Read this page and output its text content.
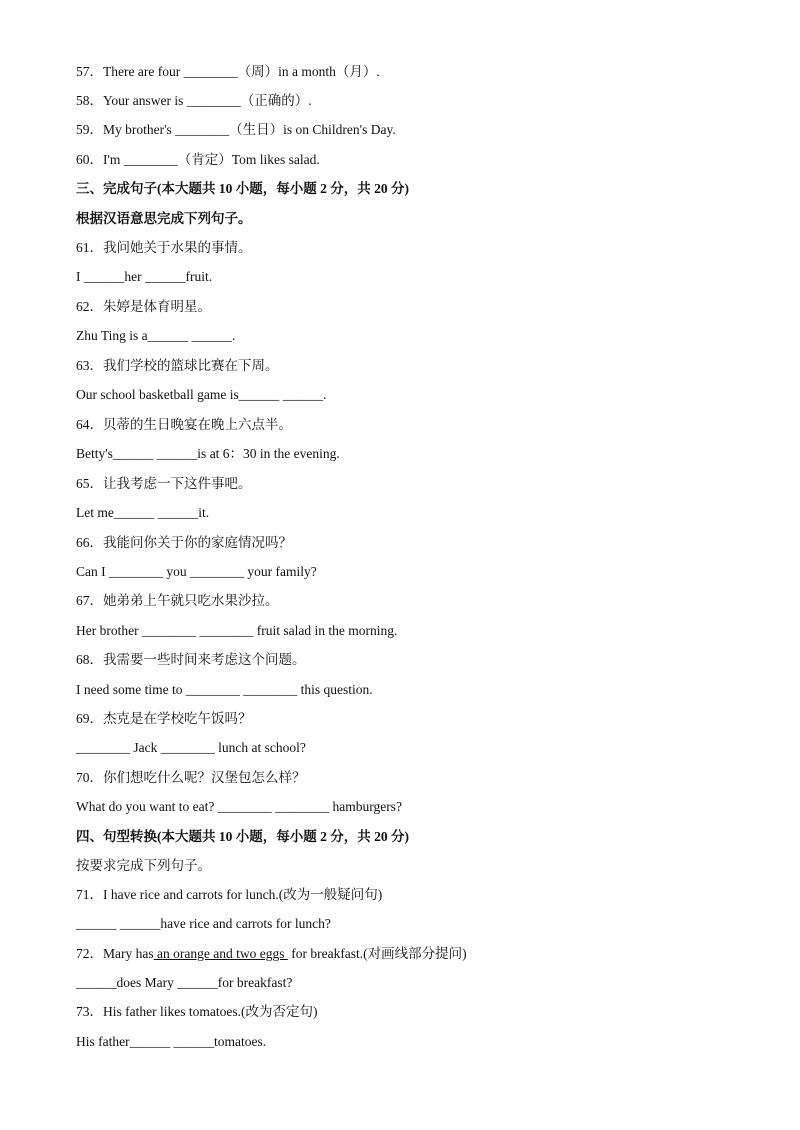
57．There are four ________（周）in a month（月）.
58．Your answer is ________（正确的）.
59．My brother's ________（生日）is on Children's Day.
60．I'm ________（肯定）Tom likes salad.
三、完成句子(本大题共 10 小题，每小题 2 分，共 20 分)
根据汉语意思完成下列句子。
61．我问她关于水果的事情。
I ______her ______fruit.
62．朱婷是体育明星。
Zhu Ting is a______ ______.
63．我们学校的篮球比赛在下周。
Our school basketball game is______ ______.
64．贝蒂的生日晚宴在晚上六点半。
Betty's______ ______is at 6：30 in the evening.
65．让我考虑一下这件事吧。
Let me______ ______it.
66．我能问你关于你的家庭情况吗？
Can I ________ you ________ your family?
67．她弟弟上午就只吃水果沙拉。
Her brother ________ ________ fruit salad in the morning.
68．我需要一些时间来考虑这个问题。
I need some time to ________ ________ this question.
69．杰克是在学校吃午饭吗？
________ Jack ________ lunch at school?
70．你们想吃什么呢？汉堡包怎么样？
What do you want to eat? ________ ________ hamburgers?
四、句型转换(本大题共 10 小题，每小题 2 分，共 20 分)
按要求完成下列句子。
71．I have rice and carrots for lunch.(改为一般疑问句)
______ ______have rice and carrots for lunch?
72．Mary has an orange and two eggs  for breakfast.(对画线部分提问)
______does Mary ______for breakfast?
73．His father likes tomatoes.(改为否定句)
His father______ ______tomatoes.
